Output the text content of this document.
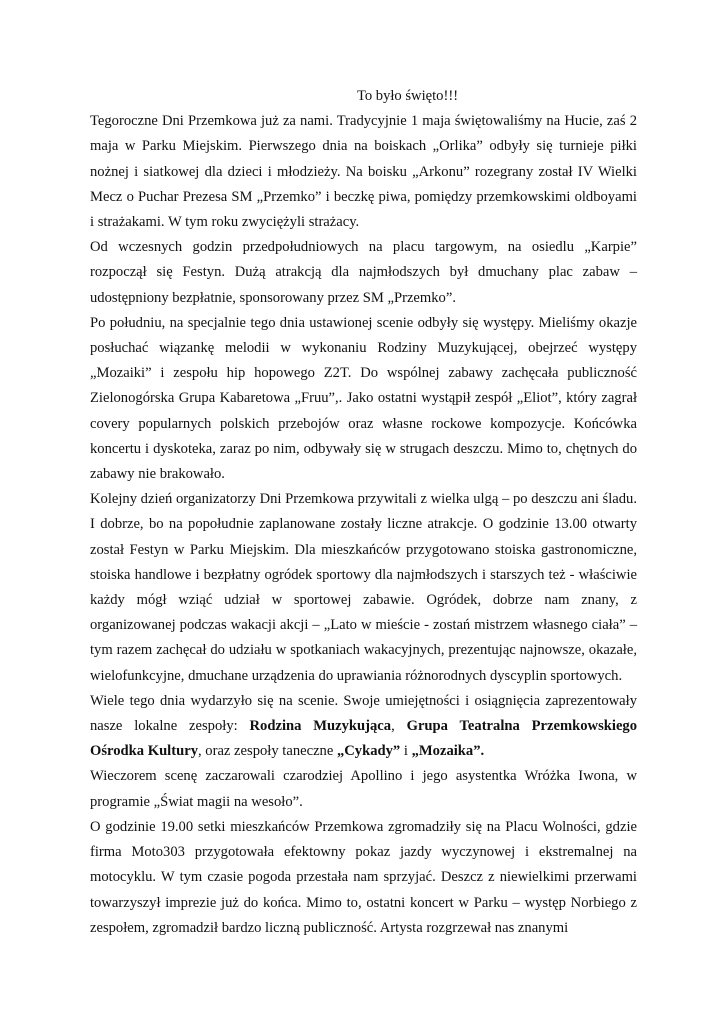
To było święto!!!

Tegoroczne Dni Przemkowa już za nami. Tradycyjnie 1 maja świętowaliśmy na Hucie, zaś 2 maja w Parku Miejskim. Pierwszego dnia na boiskach „Orlika” odbyły się turnieje piłki nożnej i siatkowej dla dzieci i młodzieży. Na boisku „Arkonu” rozegrany został IV Wielki Mecz o Puchar Prezesa SM „Przemko” i beczkę piwa, pomiędzy przemkowskimi oldboyami i strażakami. W tym roku zwyciężyli strażacy.

Od wczesnych godzin przedpołudniowych na placu targowym, na osiedlu „Karpie” rozpoczął się Festyn. Dużą atrakcją dla najmłodszych był dmuchany plac zabaw – udostępniony bezpłatnie, sponsorowany przez SM „Przemko”.

Po południu, na specjalnie tego dnia ustawionej scenie odbyły się występy. Mieliśmy okazje posłuchać wiązankę melodii w wykonaniu Rodziny Muzykującej, obejrzeć występy „Mozaiki” i zespołu hip hopowego Z2T. Do wspólnej zabawy zachęcała publiczność Zielonogórska Grupa Kabaretowa „Fruu”,. Jako ostatni wystąpił zespół „Eliot”, który zagrał covery popularnych polskich przebojów oraz własne rockowe kompozycje. Końcówka koncertu i dyskoteka, zaraz po nim, odbywały się w strugach deszczu. Mimo to, chętnych do zabawy nie brakowało.

Kolejny dzień organizatorzy Dni Przemkowa przywitali z wielka ulgą – po deszczu ani śladu. I dobrze, bo na popołudnie zaplanowane zostały liczne atrakcje. O godzinie 13.00 otwarty został Festyn w Parku Miejskim. Dla mieszkańców przygotowano stoiska gastronomiczne, stoiska handlowe i bezpłatny ogródek sportowy dla najmłodszych i starszych też - właściwie każdy mógł wziąć udział w sportowej zabawie. Ogródek, dobrze nam znany, z organizowanej podczas wakacji akcji – „Lato w mieście - zostań mistrzem własnego ciała” – tym razem zachęcał do udziału w spotkaniach wakacyjnych, prezentując najnowsze, okazałe, wielofunkcyjne, dmuchane urządzenia do uprawiania różnorodnych dyscyplin sportowych.

Wiele tego dnia wydarzyło się na scenie. Swoje umiejętności i osiągnięcia zaprezentowały nasze lokalne zespoły: Rodzina Muzykująca, Grupa Teatralna Przemkowskiego Ośrodka Kultury, oraz zespoły taneczne „Cykady” i „Mozaika”.

Wieczorem scenę zaczarowali czarodziej Apollino i jego asystentka Wróżka Iwona, w programie „Świat magii na wesoło”.

O godzinie 19.00 setki mieszkańców Przemkowa zgromadziły się na Placu Wolności, gdzie firma Moto303 przygotowała efektowny pokaz jazdy wyczynowej i ekstremalnej na motocyklu. W tym czasie pogoda przestała nam sprzyjać. Deszcz z niewielkimi przerwami towarzyszył imprezie już do końca. Mimo to, ostatni koncert w Parku – występ Norbiego z zespołem, zgromadził bardzo liczną publiczność. Artysta rozgrzewał nas znanymi
